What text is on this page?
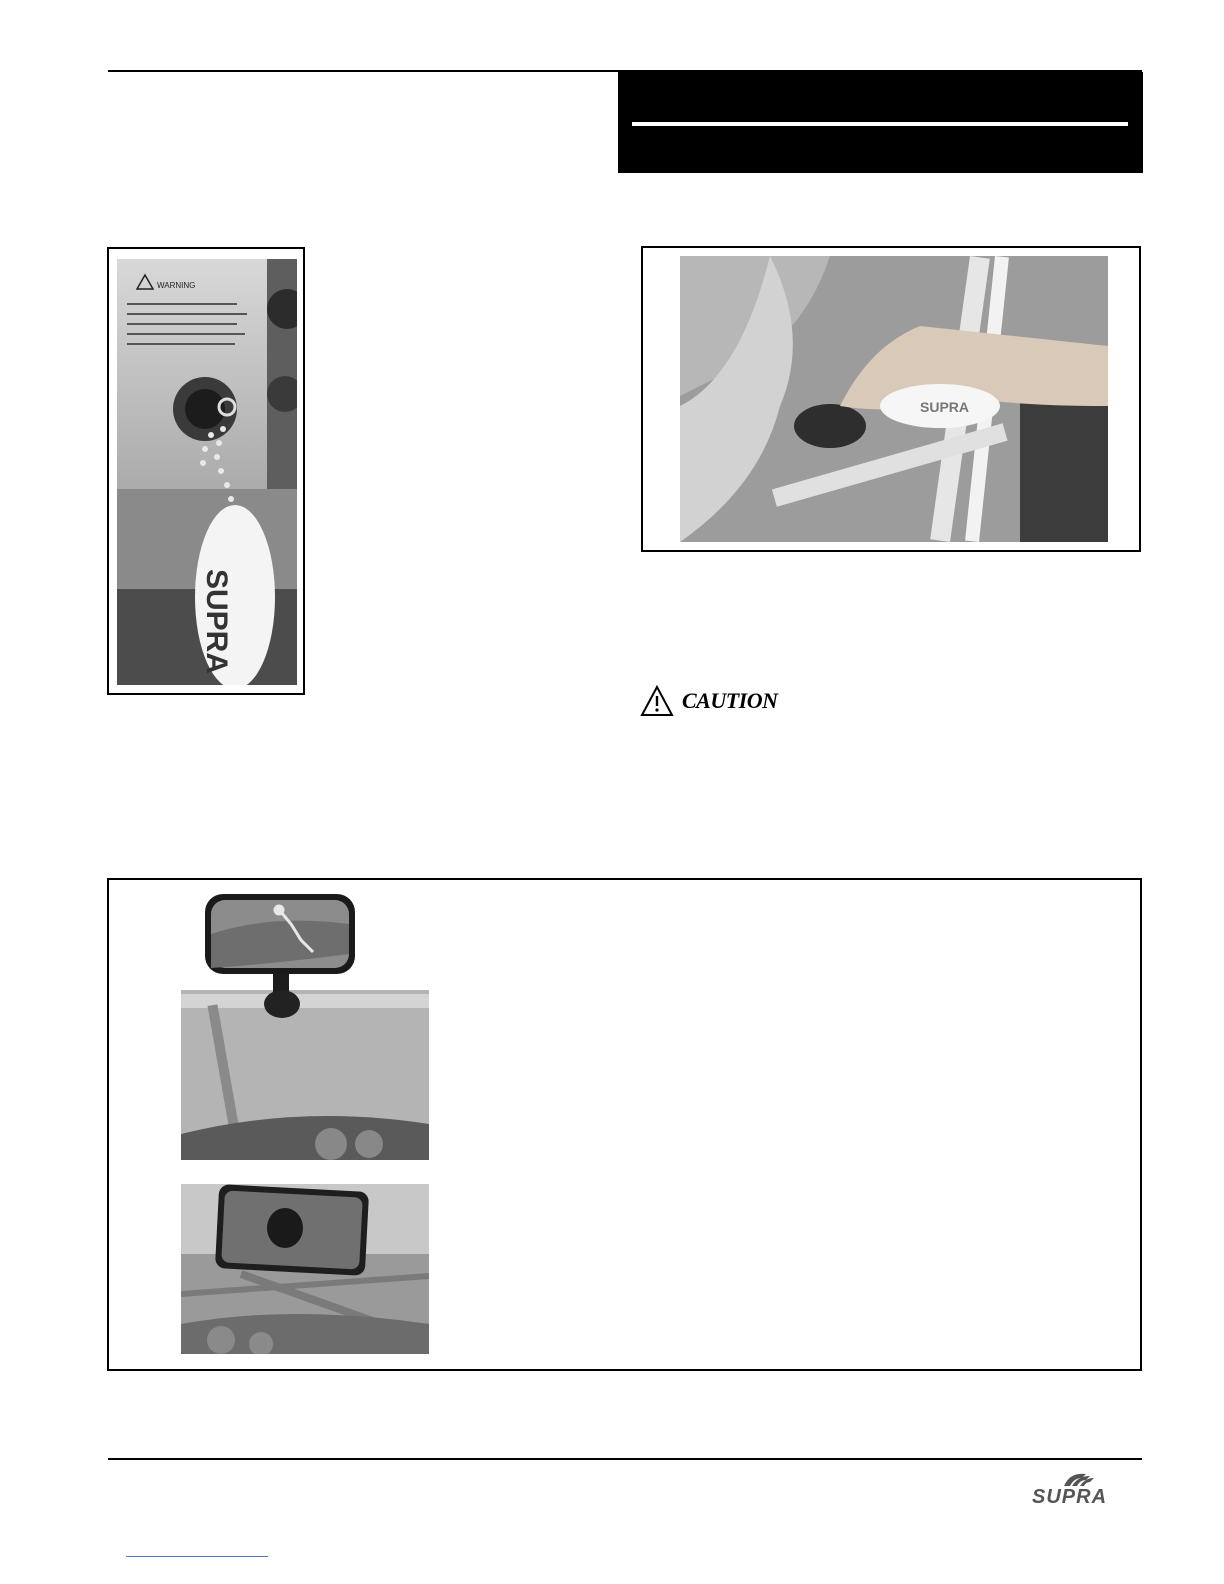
WARNING
SUPRA
SUPRA
CAUTION
SUPRA
